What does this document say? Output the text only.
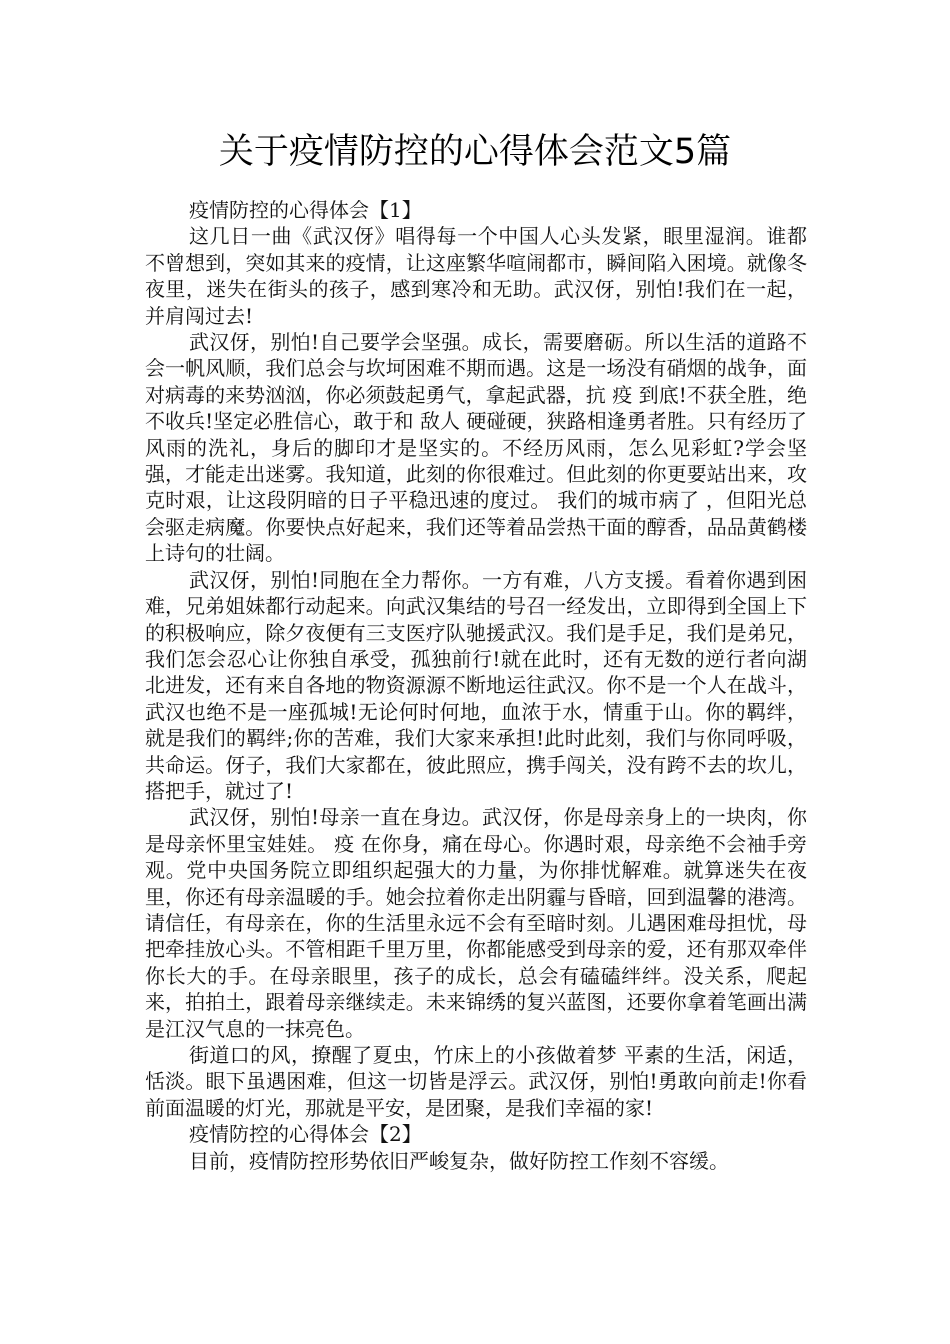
关于疫情防控的心得体会范文5篇

疫情防控的心得体会【1】

这几日一曲《武汉伢》唱得每一个中国人心头发紧，眼里湿润。谁都不曾想到，突如其来的疫情，让这座繁华喧闹都市，瞬间陷入困境。就像冬夜里，迷失在街头的孩子，感到寒冷和无助。武汉伢，别怕!我们在一起，并肩闯过去!

武汉伢，别怕!自己要学会坚强。成长，需要磨砺。所以生活的道路不会一帆风顺，我们总会与坎坷困难不期而遇。这是一场没有硝烟的战争，面对病毒的来势汹汹，你必须鼓起勇气，拿起武器，抗 疫 到底!不获全胜，绝不收兵!坚定必胜信心，敢于和 敌人 硬碰硬，狭路相逢勇者胜。只有经历了风雨的洗礼，身后的脚印才是坚实的。不经历风雨，怎么见彩虹?学会坚强，才能走出迷雾。我知道，此刻的你很难过。但此刻的你更要站出来，攻克时艰，让这段阴暗的日子平稳迅速的度过。 我们的城市病了 ，但阳光总会驱走病魔。你要快点好起来，我们还等着品尝热干面的醇香，品品黄鹤楼上诗句的壮阔。

武汉伢，别怕!同胞在全力帮你。一方有难，八方支援。看着你遇到困难，兄弟姐妹都行动起来。向武汉集结的号召一经发出，立即得到全国上下的积极响应，除夕夜便有三支医疗队驰援武汉。我们是手足，我们是弟兄，我们怎会忍心让你独自承受，孤独前行!就在此时，还有无数的逆行者向湖北进发，还有来自各地的物资源源不断地运往武汉。你不是一个人在战斗，武汉也绝不是一座孤城!无论何时何地，血浓于水，情重于山。你的羁绊，就是我们的羁绊;你的苦难，我们大家来承担!此时此刻，我们与你同呼吸，共命运。伢子，我们大家都在，彼此照应，携手闯关，没有跨不去的坎儿，搭把手，就过了!

武汉伢，别怕!母亲一直在身边。武汉伢，你是母亲身上的一块肉，你是母亲怀里宝娃娃。 疫 在你身，痛在母心。你遇时艰，母亲绝不会袖手旁观。党中央国务院立即组织起强大的力量，为你排忧解难。就算迷失在夜里，你还有母亲温暖的手。她会拉着你走出阴霾与昏暗，回到温馨的港湾。请信任，有母亲在，你的生活里永远不会有至暗时刻。儿遇困难母担忧，母把牵挂放心头。不管相距千里万里，你都能感受到母亲的爱，还有那双牵伴你长大的手。在母亲眼里，孩子的成长，总会有磕磕绊绊。没关系，爬起来，拍拍土，跟着母亲继续走。未来锦绣的复兴蓝图，还要你拿着笔画出满是江汉气息的一抹亮色。

街道口的风，撩醒了夏虫，竹床上的小孩做着梦 平素的生活，闲适，恬淡。眼下虽遇困难，但这一切皆是浮云。武汉伢，别怕!勇敢向前走!你看前面温暖的灯光，那就是平安，是团聚，是我们幸福的家!

疫情防控的心得体会【2】

目前，疫情防控形势依旧严峻复杂，做好防控工作刻不容缓。
